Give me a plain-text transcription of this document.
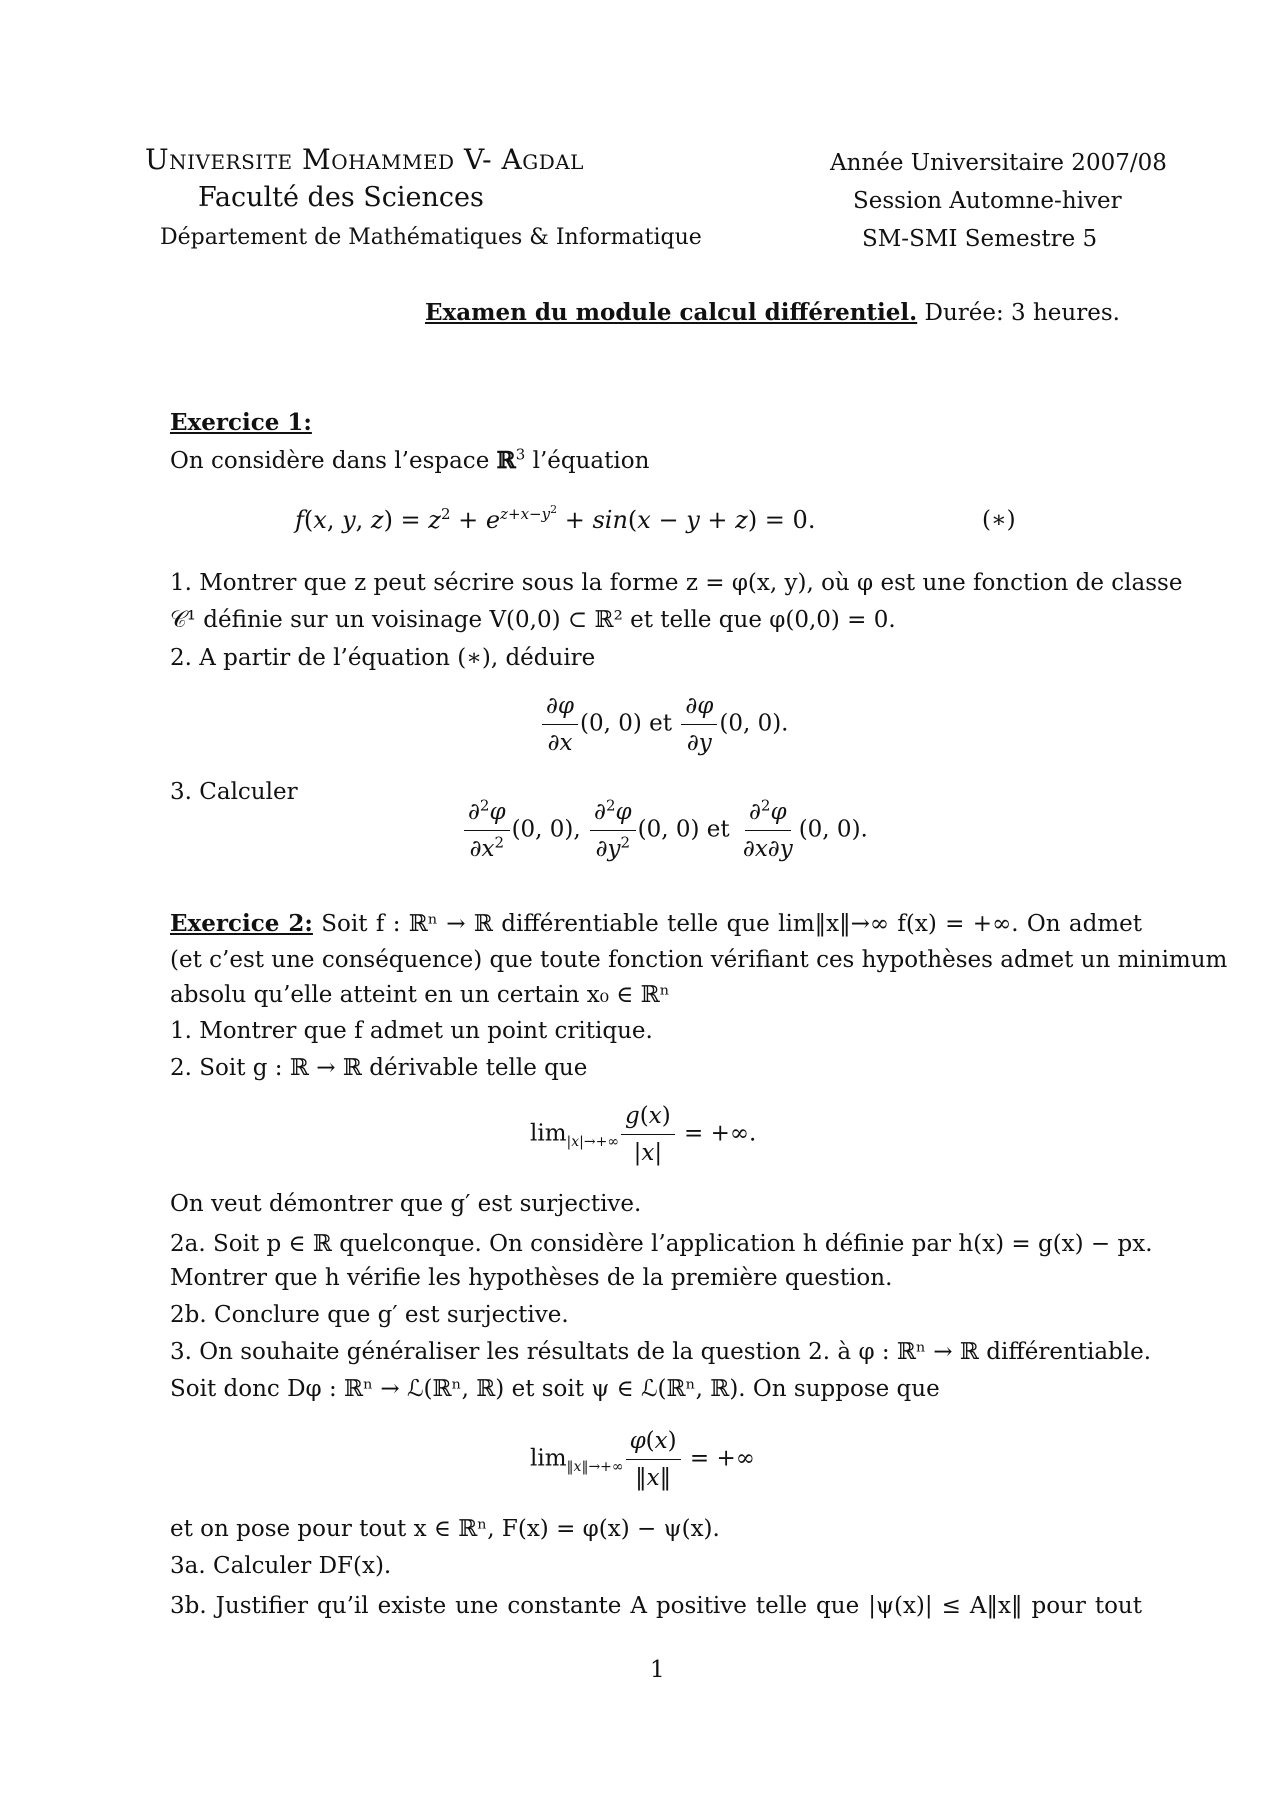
Universite Mohammed V- Agdal
Faculté des Sciences
Département de Mathématiques & Informatique
Année Universitaire 2007/08
Session Automne-hiver
SM-SMI Semestre 5
Examen du module calcul différentiel. Durée: 3 heures.
Exercice 1:
On considère dans l’espace ℝ$^3$ l’équation
f(x, y, $z) = z^2 + e^{z+x-y^2} + \sin(x - y + z) = 0$.	(∗)
1. Montrer que z peut sécrire sous la forme z = φ(x, y), où φ est une fonction de classe
𝒞¹ définie sur un voisinage V(0,0) ⊂ ℝ² et telle que φ(0,0) = 0.
2. A partir de l’équation (∗), déduire
$\frac{\partial\varphi}{\partial x} (0$, 0) et $\frac{\partial\varphi}{\partial y} (0$, 0).
3. Calculer
$\frac{\partial^2\varphi}{\partial x^2} (0$, 0), $\frac{\partial^2\varphi}{\partial y^2} (0$, 0) et $\frac{\partial^2\varphi}{\partial x\partial y} (0$, 0).
Exercice 2: Soit f : ℝⁿ → ℝ différentiable telle que lim‖x‖→∞ f(x) = +∞. On admet
(et c’est une conséquence) que toute fonction vérifiant ces hypothèses admet un minimum
absolu qu’elle atteint en un certain x₀ ∈ ℝⁿ
1. Montrer que f admet un point critique.
2. Soit g : ℝ → ℝ dérivable telle que
$\lim_{|x|\to+\infty} \frac{g(x)}{|x|}$ = +∞.
On veut démontrer que g′ est surjective.
2a. Soit p ∈ ℝ quelconque. On considère l’application h définie par h(x) = g(x) − px.
Montrer que h vérifie les hypothèses de la première question.
2b. Conclure que g′ est surjective.
3. On souhaite généraliser les résultats de la question 2. à φ : ℝⁿ → ℝ différentiable.
Soit donc Dφ : ℝⁿ → ℒ(ℝⁿ, ℝ) et soit ψ ∈ ℒ(ℝⁿ, ℝ). On suppose que
$\lim_{‖x‖\to+\infty} \frac{\varphi(x)}{‖x‖}$ = +∞
et on pose pour tout x ∈ ℝⁿ, F(x) = φ(x) − ψ(x).
3a. Calculer DF(x).
3b. Justifier qu’il existe une constante A positive telle que |ψ(x)| ≤ A‖x‖ pour tout
1
